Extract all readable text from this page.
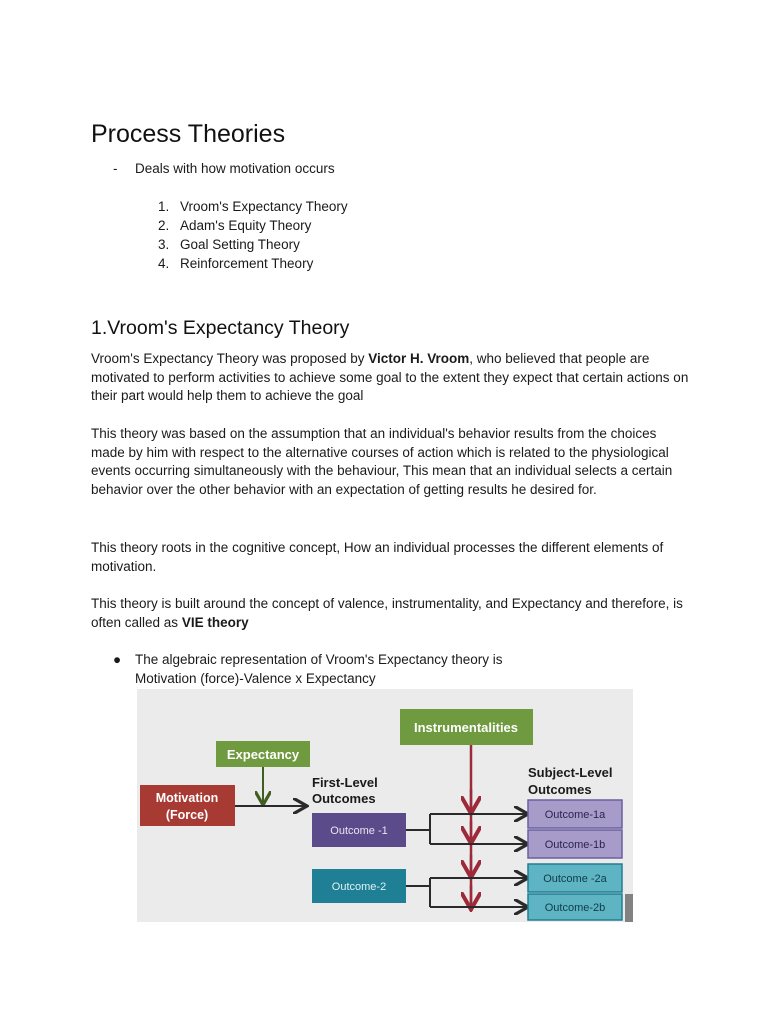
Process Theories
- Deals with how motivation occurs
1. Vroom's Expectancy Theory
2. Adam's Equity Theory
3. Goal Setting Theory
4. Reinforcement Theory
1.Vroom's Expectancy Theory

Vroom's Expectancy Theory was proposed by Victor H. Vroom, who believed that people are motivated to perform activities to achieve some goal to the extent they expect that certain actions on their part would help them to achieve the goal

This theory was based on the assumption that an individual's behavior results from the choices made by him with respect to the alternative courses of action which is related to the physiological events occurring simultaneously with the behaviour, This mean that an individual selects a certain behavior over the other behavior with an expectation of getting results he desired for.

This theory roots in the cognitive concept, How an individual processes the different elements of motivation.

This theory is built around the concept of valence, instrumentality, and Expectancy and therefore, is often called as VIE theory

● The algebraic representation of Vroom's Expectancy theory is
Motivation (force)-Valence x Expectancy
Instrumentalities
Expectancy
Motivation
(Force)
First-Level
Outcomes
Subject-Level
Outcomes
Outcome -1
Outcome-2
Outcome-1a
Outcome-1b
Outcome -2a
Outcome-2b
